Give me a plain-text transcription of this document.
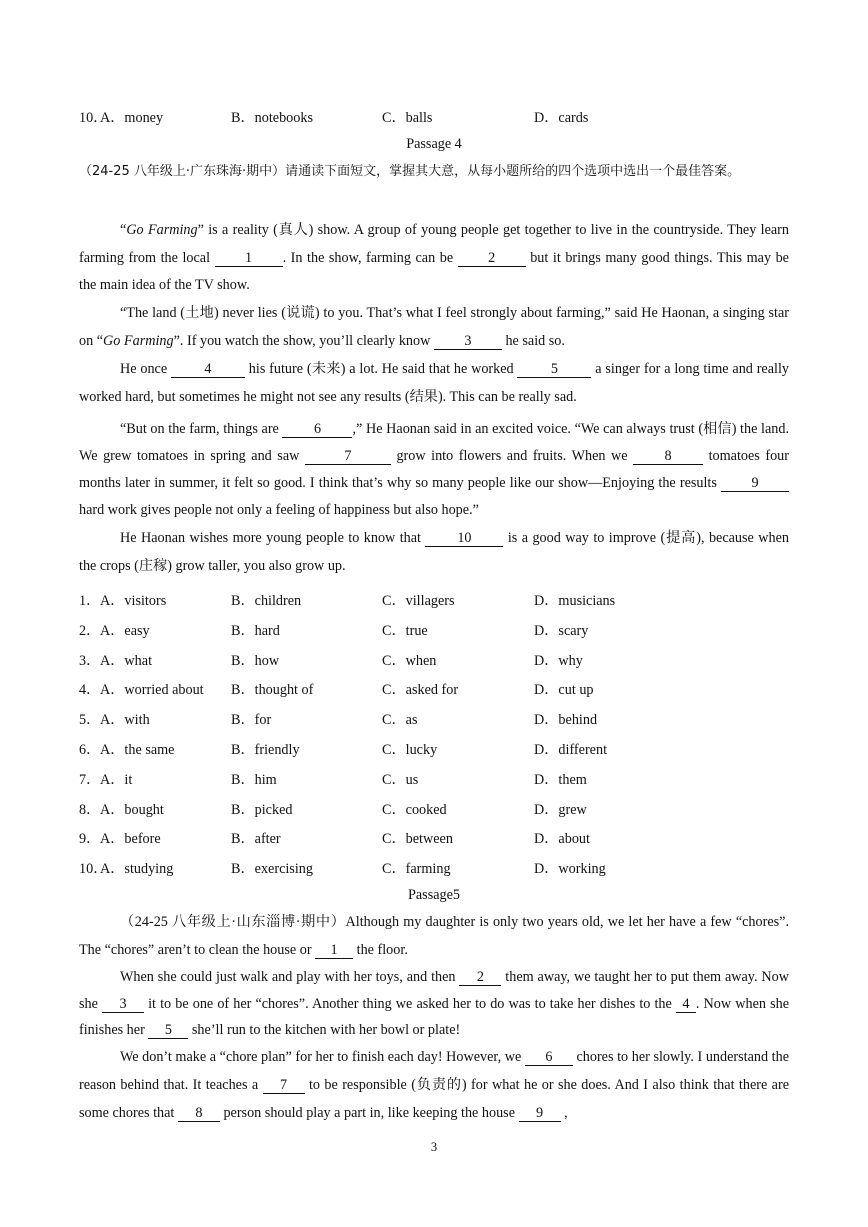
10．
A．money	B．notebooks	C．balls	D．cards
Passage 4
（24-25 八年级上·广东珠海·期中）请通读下面短文，掌握其大意，从每小题所给的四个选项中选出一个最佳答案。
“Go Farming” is a reality (真人) show. A group of young people get together to live in the countryside. They learn farming from the local 1 . In the show, farming can be 2 but it brings many good things. This may be the main idea of the TV show.
“The land (土地) never lies (说谎) to you. That’s what I feel strongly about farming,” said He Haonan, a singing star on “Go Farming”. If you watch the show, you’ll clearly know 3 he said so.
He once 4 his future (未来) a lot. He said that he worked 5 a singer for a long time and really worked hard, but sometimes he might not see any results (结果). This can be really sad.
“But on the farm, things are 6 ,” He Haonan said in an excited voice. “We can always trust (相信) the land. We grew tomatoes in spring and saw	7	grow into flowers and fruits. When we 8 tomatoes four months later in summer, it felt so good. I think that’s why so many people like our show—Enjoying the results 9 hard work gives people not only a feeling of happiness but also hope.”
He Haonan wishes more young people to know that 10 is a good way to improve (提高), because when the crops (庄稼) grow taller, you also grow up.
1． A．visitors	B．children	C．villagers	D．musicians
2． A．easy	B．hard	C．true	D．scary
3． A．what	B．how	C．when	D．why
4． A．worried about B．thought of	C．asked for	D．cut up
5． A．with	B．for	C．as	D．behind
6． A．the same	B．friendly	C．lucky	D．different
7． A．it	B．him	C．us	D．them
8． A．bought	B．picked	C．cooked	D．grew
9． A．before	B．after	C．between	D．about
10．
A．studying	B．exercising	C．farming	D．working
Passage5
（24-25 八年级上·山东淄博·期中）Although my daughter is only two years old, we let her have a few “chores”. The “chores” aren’t to clean the house or 1 the floor.
When she could just walk and play with her toys, and then 2 them away, we taught her to put them away. Now she 3 it to be one of her “chores”. Another thing we asked her to do was to take her dishes to the 4 . Now when she finishes her 5 she’ll run to the kitchen with her bowl or plate!
We don’t make a “chore plan” for her to finish each day! However, we 6 chores to her slowly. I understand the reason behind that. It teaches a 7 to be responsible (负责的) for what he or she does. And I also think that there are some chores that 8 person should play a part in, like keeping the house 9 ,
3
